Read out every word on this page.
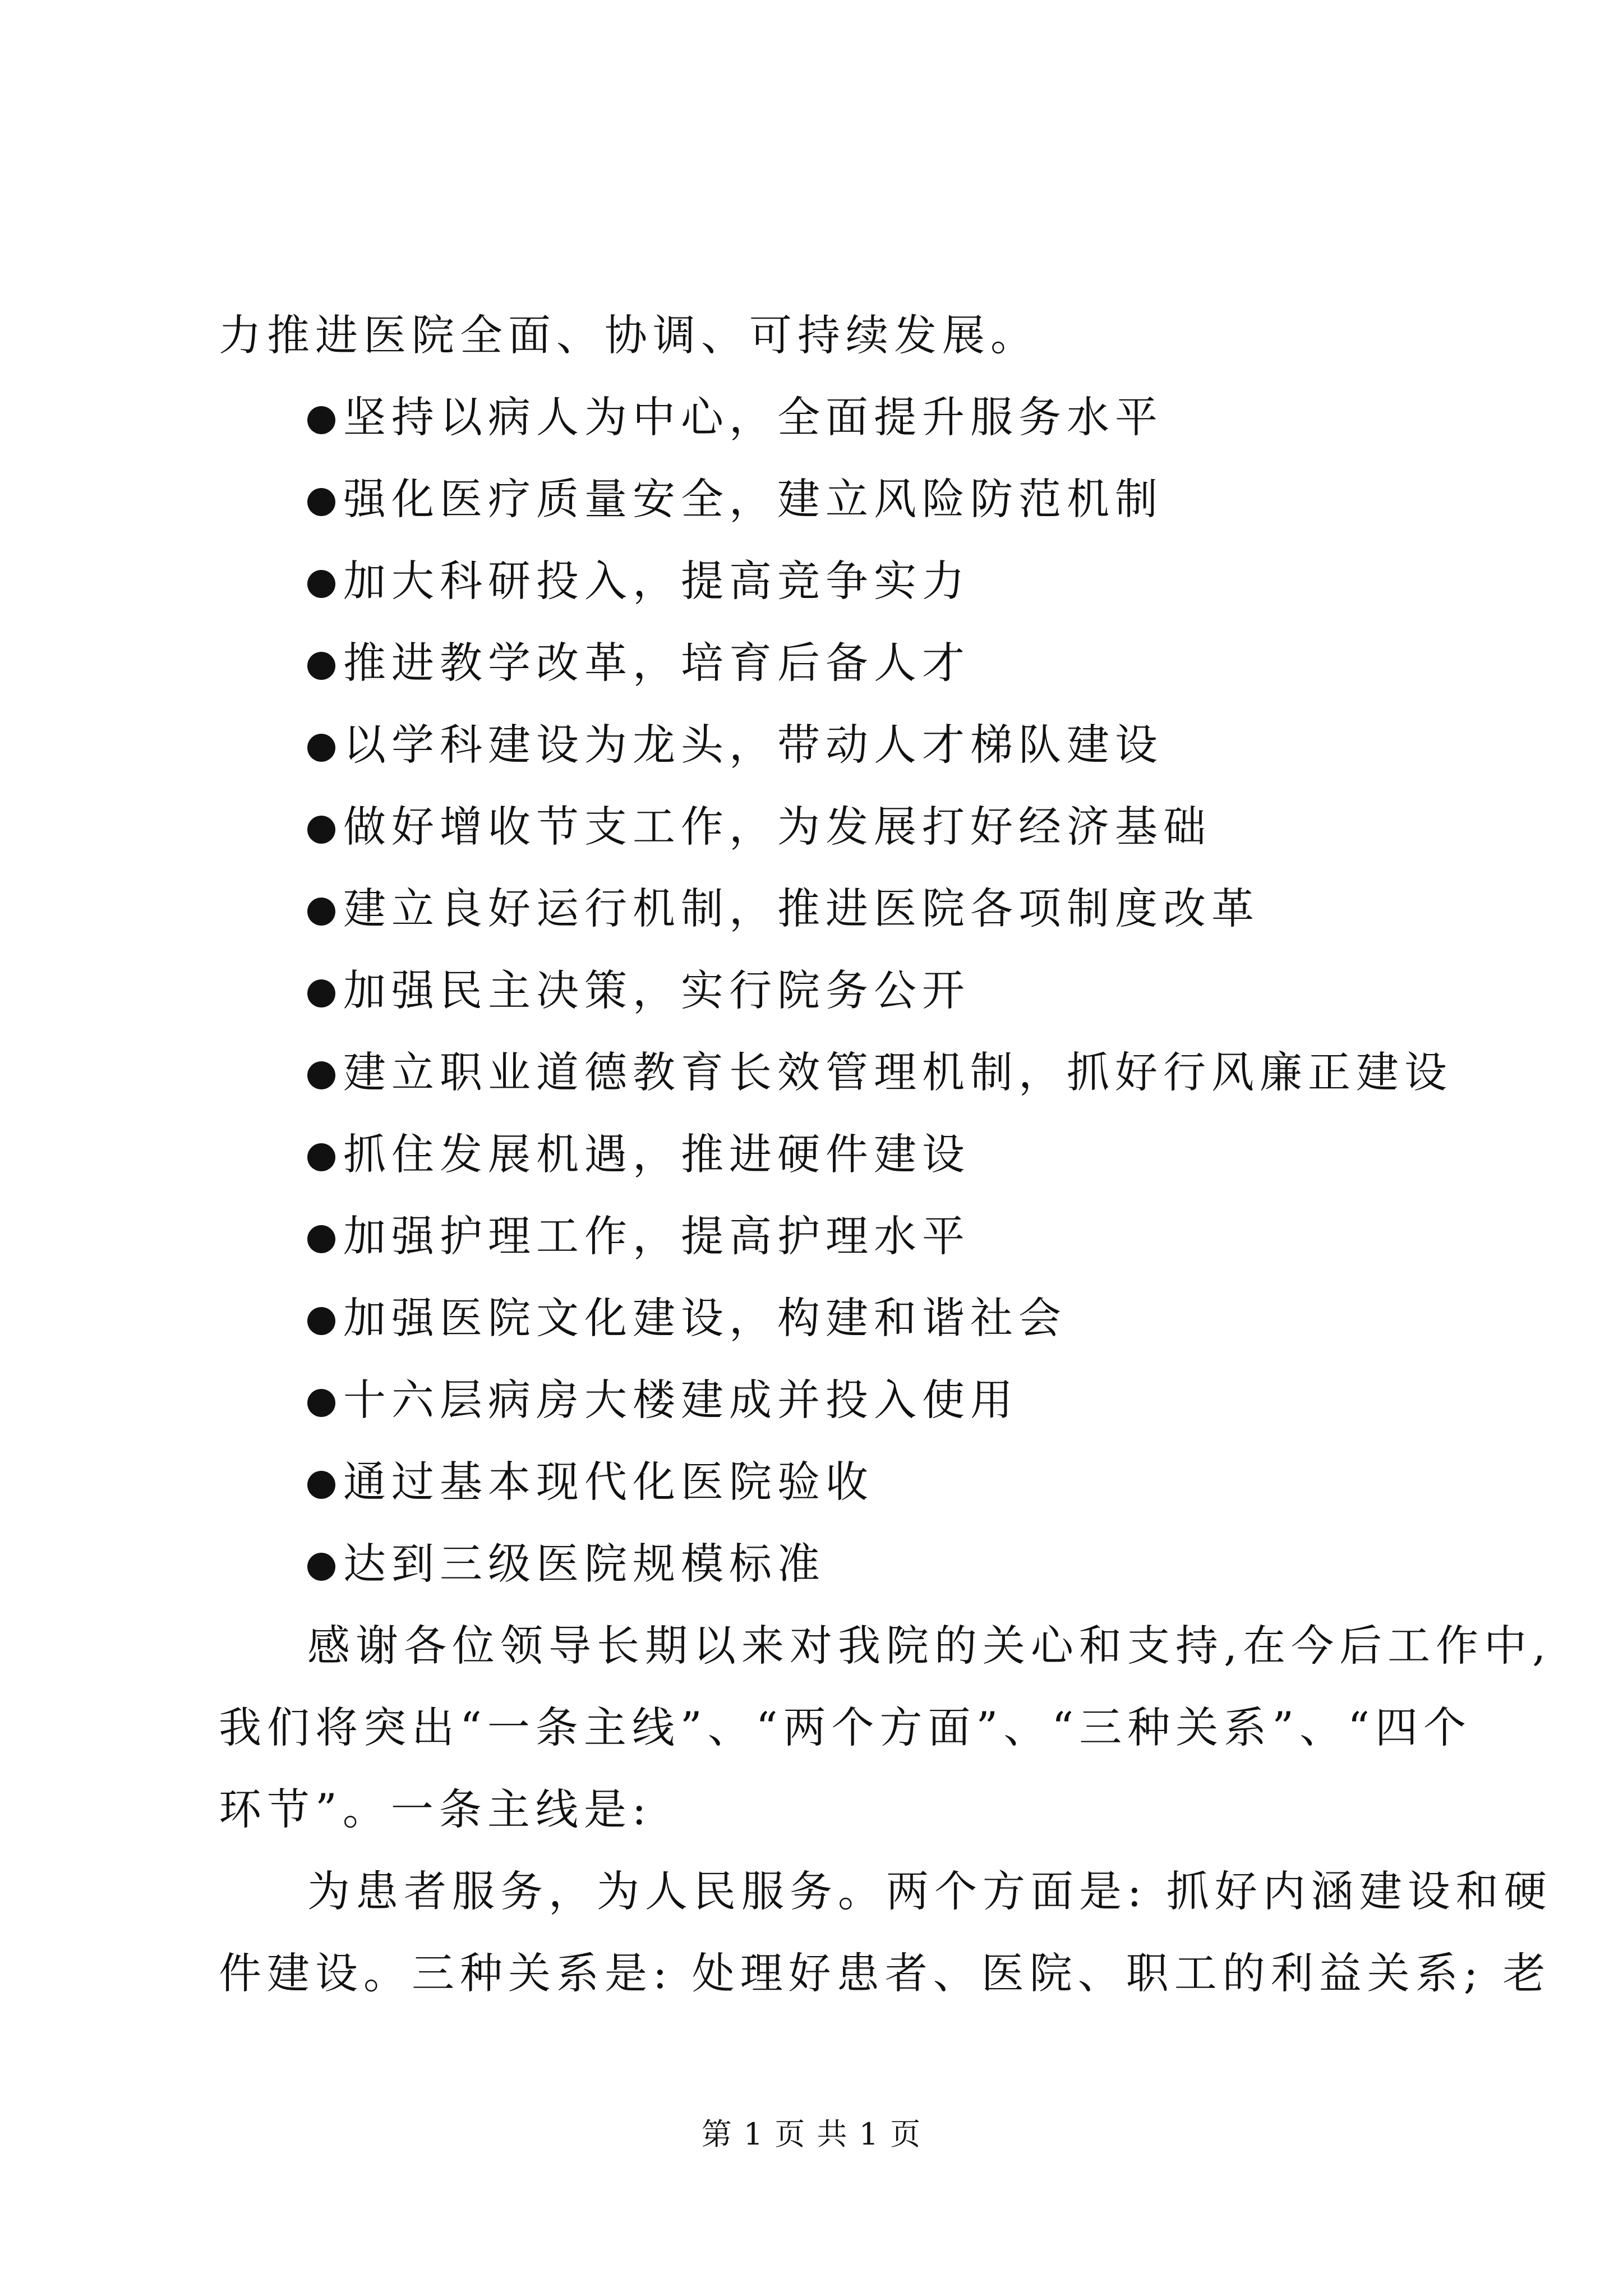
力推进医院全面、协调、可持续发展。
坚持以病人为中心，全面提升服务水平
强化医疗质量安全，建立风险防范机制
加大科研投入，提高竞争实力
推进教学改革，培育后备人才
以学科建设为龙头，带动人才梯队建设
做好增收节支工作，为发展打好经济基础
建立良好运行机制，推进医院各项制度改革
加强民主决策，实行院务公开
建立职业道德教育长效管理机制，抓好行风廉正建设
抓住发展机遇，推进硬件建设
加强护理工作，提高护理水平
加强医院文化建设，构建和谐社会
十六层病房大楼建成并投入使用
通过基本现代化医院验收
达到三级医院规模标准
感谢各位领导长期以来对我院的关心和支持,在今后工作中,
我们将突出“一条主线”、“两个方面”、“三种关系”、“四个
环节”。一条主线是:
为患者服务，为人民服务。两个方面是: 抓好内涵建设和硬
件建设。三种关系是: 处理好患者、医院、职工的利益关系; 老
第 1 页 共 1 页
